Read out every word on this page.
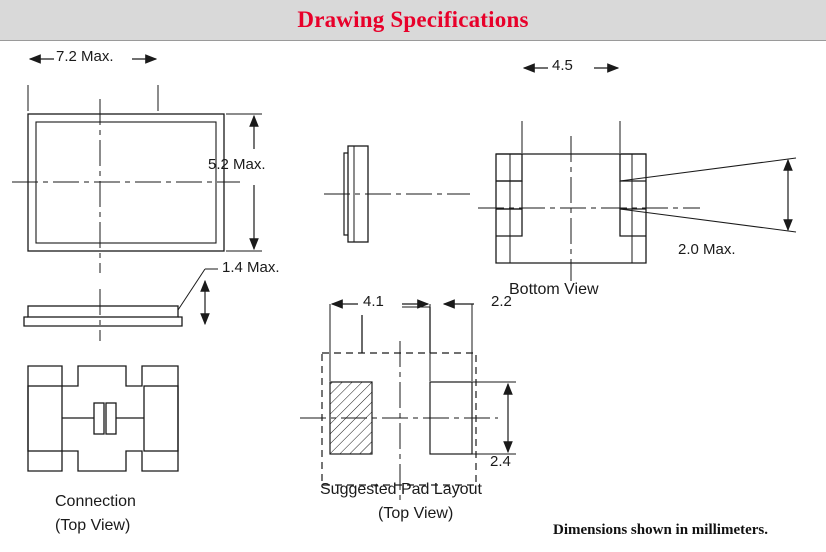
Drawing Specifications
7.2 Max.
5.2 Max.
4.5
2.0 Max.
Bottom View
1.4 Max.
Connection
(Top View)
4.1	2.2
2.4
Suggested Pad Layout
(Top View)
Dimensions shown in millimeters.
